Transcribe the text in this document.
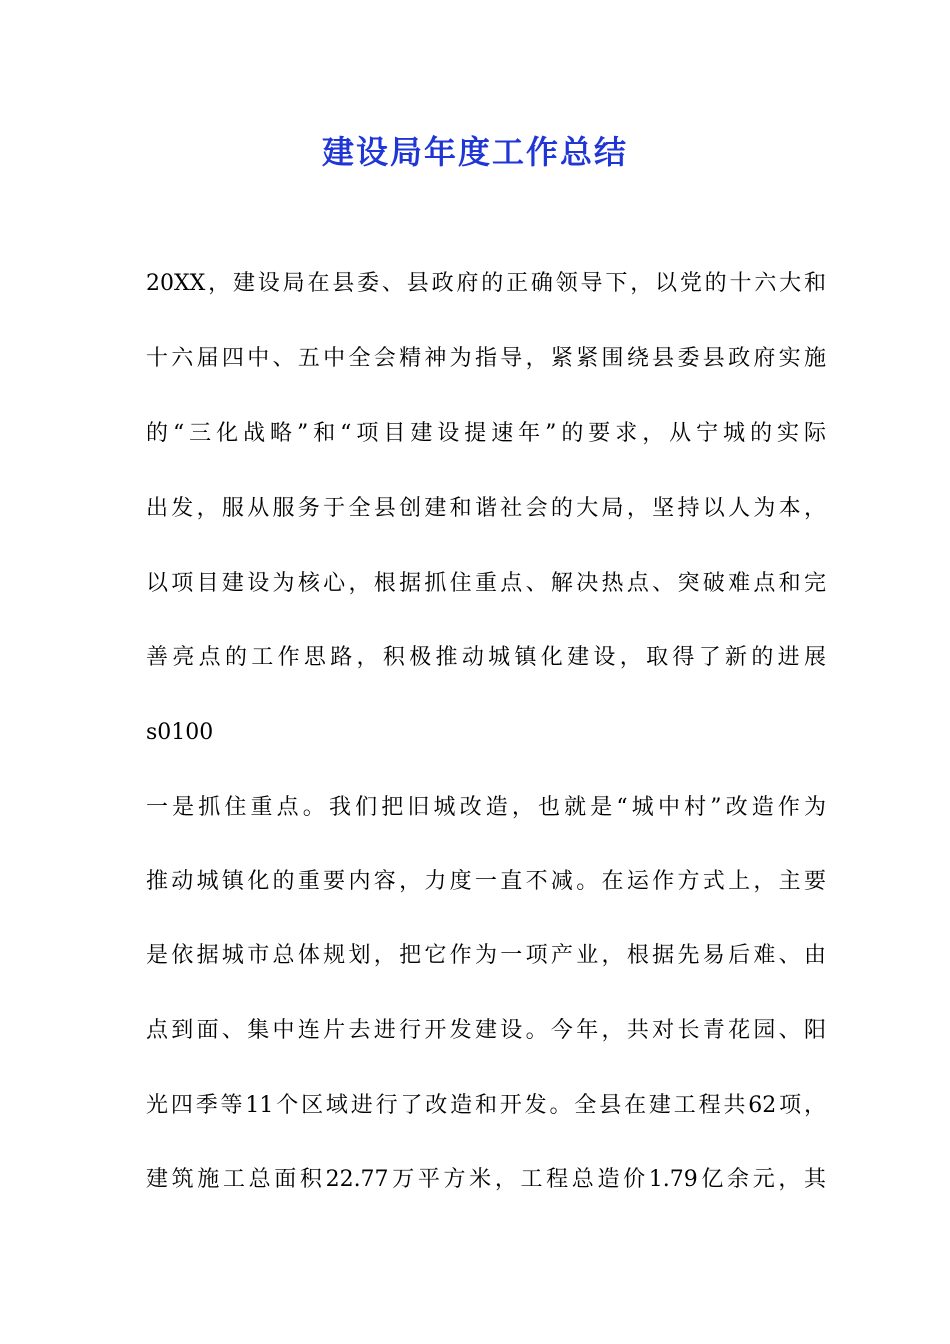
建设局年度工作总结
20XX，建设局在县委、县政府的正确领导下，以党的十六大和
十六届四中、五中全会精神为指导，紧紧围绕县委县政府实施
的“三化战略”和“项目建设提速年”的要求，从宁城的实际
出发，服从服务于全县创建和谐社会的大局，坚持以人为本，
以项目建设为核心，根据抓住重点、解决热点、突破难点和完
善亮点的工作思路，积极推动城镇化建设，取得了新的进展
s0100
一是抓住重点。我们把旧城改造，也就是“城中村”改造作为
推动城镇化的重要内容，力度一直不减。在运作方式上，主要
是依据城市总体规划，把它作为一项产业，根据先易后难、由
点到面、集中连片去进行开发建设。今年，共对长青花园、阳
光四季等11个区域进行了改造和开发。全县在建工程共62项，
建筑施工总面积22.77万平方米，工程总造价1.79亿余元，其
